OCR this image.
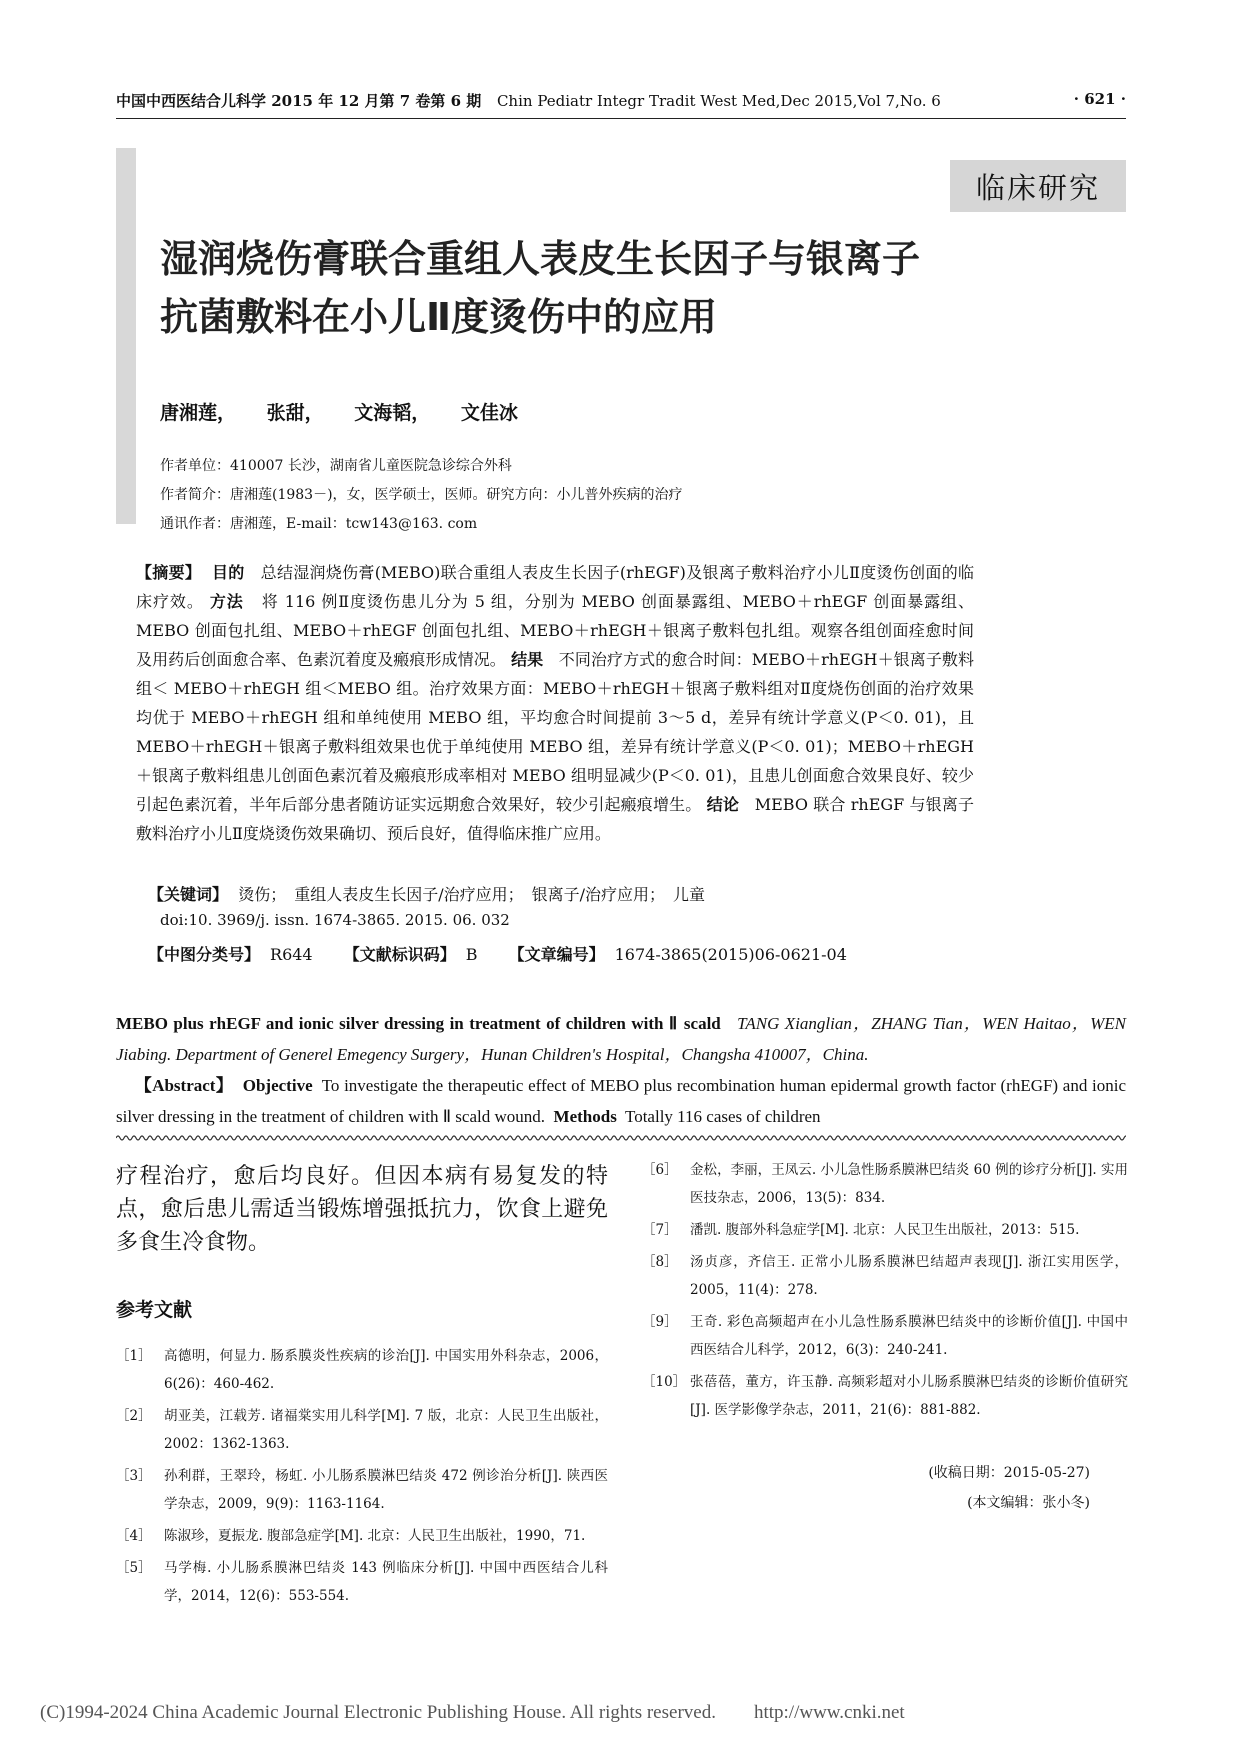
中国中西医结合儿科学 2015 年 12 月第 7 卷第 6 期 Chin Pediatr Integr Tradit West Med,Dec 2015,Vol 7,No. 6	· 621 ·
临床研究
湿润烧伤膏联合重组人表皮生长因子与银离子
抗菌敷料在小儿Ⅱ度烫伤中的应用
唐湘莲， 张甜， 文海韬， 文佳冰
作者单位：410007 长沙，湖南省儿童医院急诊综合外科
作者简介：唐湘莲(1983－)，女，医学硕士，医师。研究方向：小儿普外疾病的治疗
通讯作者：唐湘莲，E-mail：tcw143@163. com
【摘要】 目的 总结湿润烧伤膏(MEBO)联合重组人表皮生长因子(rhEGF)及银离子敷料治疗小儿Ⅱ度烫伤创面的临床疗效。 方法 将 116 例Ⅱ度烫伤患儿分为 5 组，分别为 MEBO 创面暴露组、MEBO＋rhEGF 创面暴露组、MEBO 创面包扎组、MEBO＋rhEGF 创面包扎组、MEBO＋rhEGH＋银离子敷料包扎组。观察各组创面痊愈时间及用药后创面愈合率、色素沉着度及瘢痕形成情况。 结果 不同治疗方式的愈合时间：MEBO＋rhEGH＋银离子敷料组＜ MEBO＋rhEGH 组＜MEBO 组。治疗效果方面：MEBO＋rhEGH＋银离子敷料组对Ⅱ度烧伤创面的治疗效果均优于 MEBO＋rhEGH 组和单纯使用 MEBO 组，平均愈合时间提前 3～5 d，差异有统计学意义(P＜0. 01)，且 MEBO＋rhEGH＋银离子敷料组效果也优于单纯使用 MEBO 组，差异有统计学意义(P＜0. 01)；MEBO＋rhEGH＋银离子敷料组患儿创面色素沉着及瘢痕形成率相对 MEBO 组明显减少(P＜0. 01)，且患儿创面愈合效果良好、较少引起色素沉着，半年后部分患者随访证实远期愈合效果好，较少引起瘢痕增生。 结论 MEBO 联合 rhEGF 与银离子敷料治疗小儿Ⅱ度烧烫伤效果确切、预后良好，值得临床推广应用。
【关键词】 烫伤；　重组人表皮生长因子/治疗应用；　银离子/治疗应用；　儿童
doi:10. 3969/j. issn. 1674-3865. 2015. 06. 032
【中图分类号】 R644 【文献标识码】 B 【文章编号】 1674-3865(2015)06-0621-04
MEBO plus rhEGF and ionic silver dressing in treatment of children with Ⅱ scald TANG Xianglian，ZHANG Tian，WEN Haitao，WEN Jiabing. Department of Generel Emegency Surgery，Hunan Children's Hospital，Changsha 410007，China.
【Abstract】 Objective To investigate the therapeutic effect of MEBO plus recombination human epidermal growth factor (rhEGF) and ionic silver dressing in the treatment of children with Ⅱ scald wound. Methods Totally 116 cases of children
疗程治疗，愈后均良好。但因本病有易复发的特点，愈后患儿需适当锻炼增强抵抗力，饮食上避免多食生冷食物。
参考文献
［1］ 高德明，何显力. 肠系膜炎性疾病的诊治[J]. 中国实用外科杂志，2006，6(26)：460-462.
［2］ 胡亚美，江载芳. 诸福棠实用儿科学[M]. 7 版，北京：人民卫生出版社，2002：1362-1363.
［3］ 孙利群，王翠玲，杨虹. 小儿肠系膜淋巴结炎 472 例诊治分析[J]. 陕西医学杂志，2009，9(9)：1163-1164.
［4］ 陈淑珍，夏振龙. 腹部急症学[M]. 北京：人民卫生出版社，1990，71.
［5］ 马学梅. 小儿肠系膜淋巴结炎 143 例临床分析[J]. 中国中西医结合儿科学，2014，12(6)：553-554.
［6］ 金松，李丽，王凤云. 小儿急性肠系膜淋巴结炎 60 例的诊疗分析[J]. 实用医技杂志，2006，13(5)：834.
［7］ 潘凯. 腹部外科急症学[M]. 北京：人民卫生出版社，2013：515.
［8］ 汤贞彦，齐信王. 正常小儿肠系膜淋巴结超声表现[J]. 浙江实用医学，2005，11(4)：278.
［9］ 王奇. 彩色高频超声在小儿急性肠系膜淋巴结炎中的诊断价值[J]. 中国中西医结合儿科学，2012，6(3)：240-241.
［10］ 张蓓蓓，董方，许玉静. 高频彩超对小儿肠系膜淋巴结炎的诊断价值研究[J]. 医学影像学杂志，2011，21(6)：881-882.
(收稿日期：2015-05-27)
(本文编辑：张小冬)
(C)1994-2024 China Academic Journal Electronic Publishing House. All rights reserved.　　http://www.cnki.net
